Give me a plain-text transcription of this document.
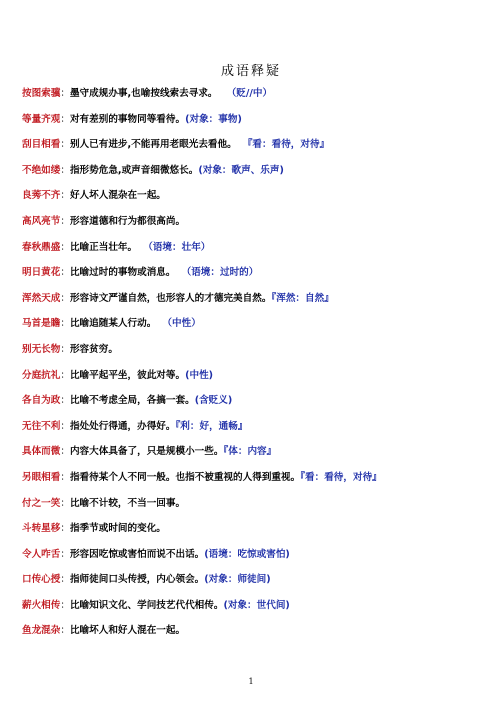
成语释疑
按图索骥：墨守成规办事,也喻按线索去寻求。 （贬//中）
等量齐观：对有差别的事物同等看待。(对象：事物)
刮目相看：别人已有进步,不能再用老眼光去看他。 『看：看待，对待』
不绝如缕：指形势危急,或声音细微悠长。(对象：歌声、乐声)
良莠不齐：好人坏人混杂在一起。
高风亮节：形容道德和行为都很高尚。
春秋鼎盛：比喻正当壮年。 （语境：壮年）
明日黄花：比喻过时的事物或消息。 （语境：过时的）
浑然天成：形容诗文严谨自然，也形容人的才德完美自然。『浑然：自然』
马首是瞻：比喻追随某人行动。 （中性）
别无长物：形容贫穷。
分庭抗礼：比喻平起平坐，彼此对等。(中性)
各自为政：比喻不考虑全局，各搞一套。(含贬义)
无往不利：指处处行得通，办得好。『利：好，通畅』
具体而微：内容大体具备了，只是规模小一些。『体：内容』
另眼相看：指看待某个人不同一般。也指不被重视的人得到重视。『看：看待，对待』
付之一笑：比喻不计较，不当一回事。
斗转星移：指季节或时间的变化。
令人咋舌：形容因吃惊或害怕而说不出话。(语境：吃惊或害怕)
口传心授：指师徒间口头传授，内心领会。(对象：师徒间)
薪火相传：比喻知识文化、学问技艺代代相传。(对象：世代间)
鱼龙混杂：比喻坏人和好人混在一起。
1
